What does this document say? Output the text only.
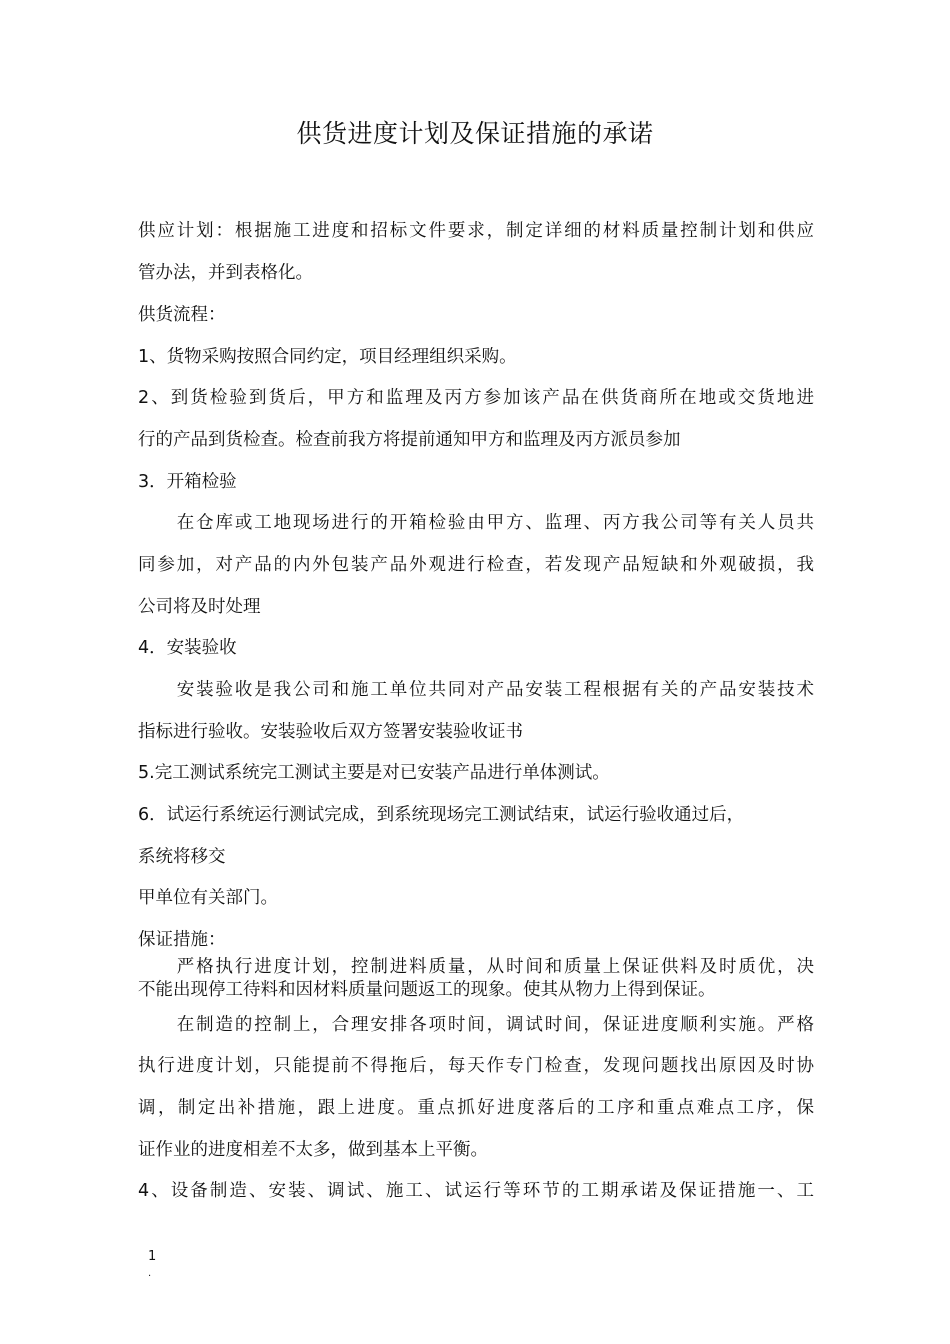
供货进度计划及保证措施的承诺
供应计划：根据施工进度和招标文件要求，制定详细的材料质量控制计划和供应
管办法，并到表格化。
供货流程：
1、货物采购按照合同约定，项目经理组织采购。
2、到货检验到货后，甲方和监理及丙方参加该产品在供货商所在地或交货地进
行的产品到货检查。检查前我方将提前通知甲方和监理及丙方派员参加
3．开箱检验
　　在仓库或工地现场进行的开箱检验由甲方、监理、丙方我公司等有关人员共
同参加，对产品的内外包装产品外观进行检查，若发现产品短缺和外观破损，我
公司将及时处理
4．安装验收
　　安装验收是我公司和施工单位共同对产品安装工程根据有关的产品安装技术
指标进行验收。安装验收后双方签署安装验收证书
5.完工测试系统完工测试主要是对已安装产品进行单体测试。
6．试运行系统运行测试完成，到系统现场完工测试结束，试运行验收通过后，
系统将移交
甲单位有关部门。
保证措施：
　　严格执行进度计划，控制进料质量，从时间和质量上保证供料及时质优，决
不能出现停工待料和因材料质量问题返工的现象。使其从物力上得到保证。
　　在制造的控制上，合理安排各项时间，调试时间，保证进度顺利实施。严格
执行进度计划，只能提前不得拖后，每天作专门检查，发现问题找出原因及时协
调，制定出补措施，跟上进度。重点抓好进度落后的工序和重点难点工序，保
证作业的进度相差不太多，做到基本上平衡。
4、设备制造、安装、调试、施工、试运行等环节的工期承诺及保证措施一、工
1
.
